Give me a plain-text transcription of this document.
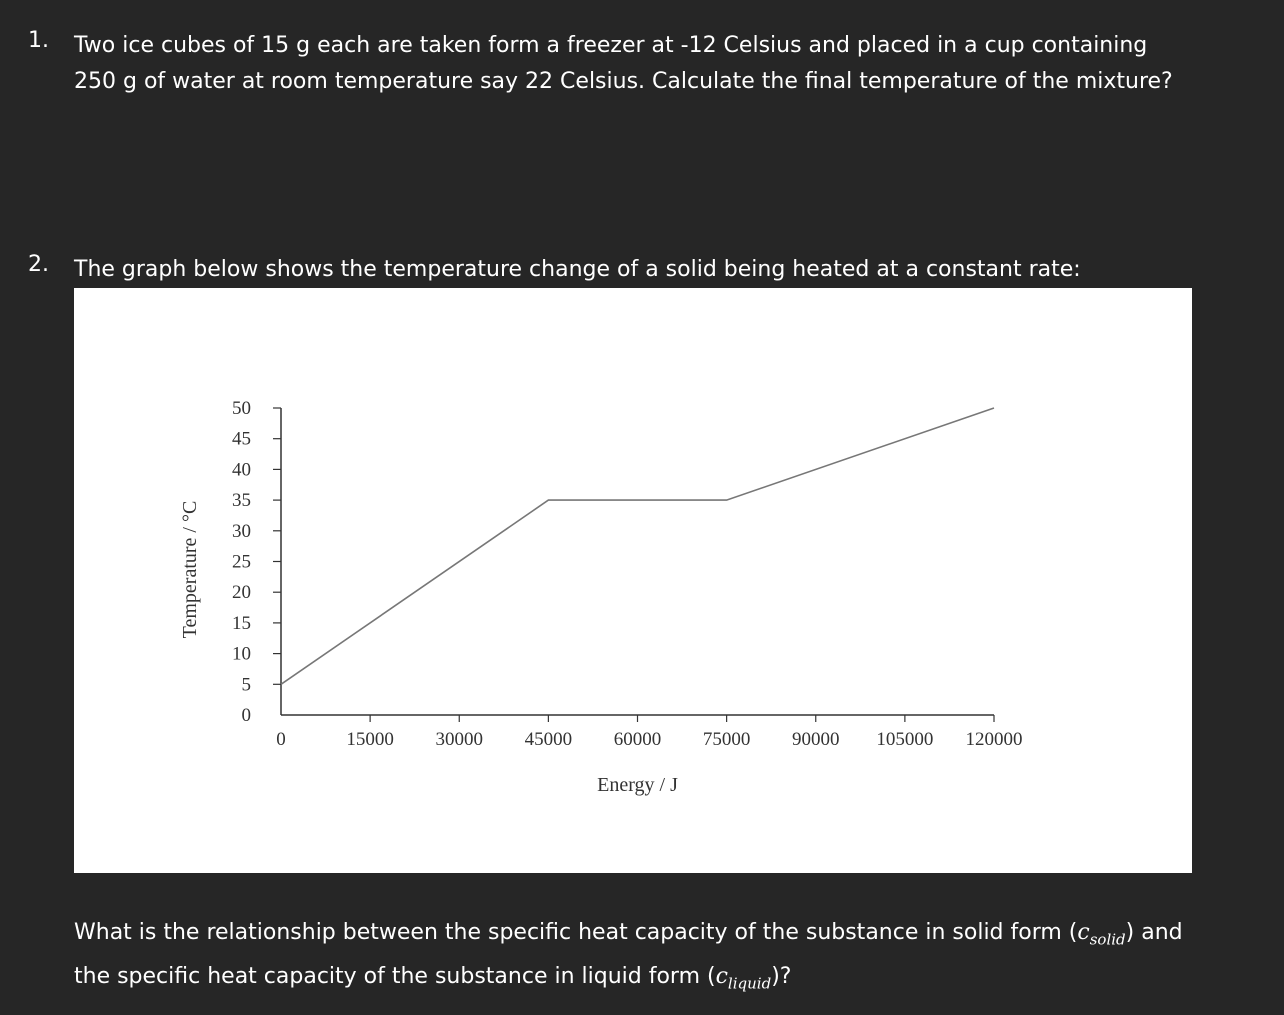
1. Two ice cubes of 15 g each are taken form a freezer at -12 Celsius and placed in a cup containing 250 g of water at room temperature say 22 Celsius. Calculate the final temperature of the mixture?
2. The graph below shows the temperature change of a solid being heated at a constant rate:
0
5
10
15
20
25
30
35
40
45
50
0	15000 30000 45000 60000 75000 90000 105000 120000
Energy / J
Temperature / °C
What is the relationship between the specific heat capacity of the substance in solid form $(c_{solid})$ and the specific heat capacity of the substance in liquid form $(c_{liquid})$?
